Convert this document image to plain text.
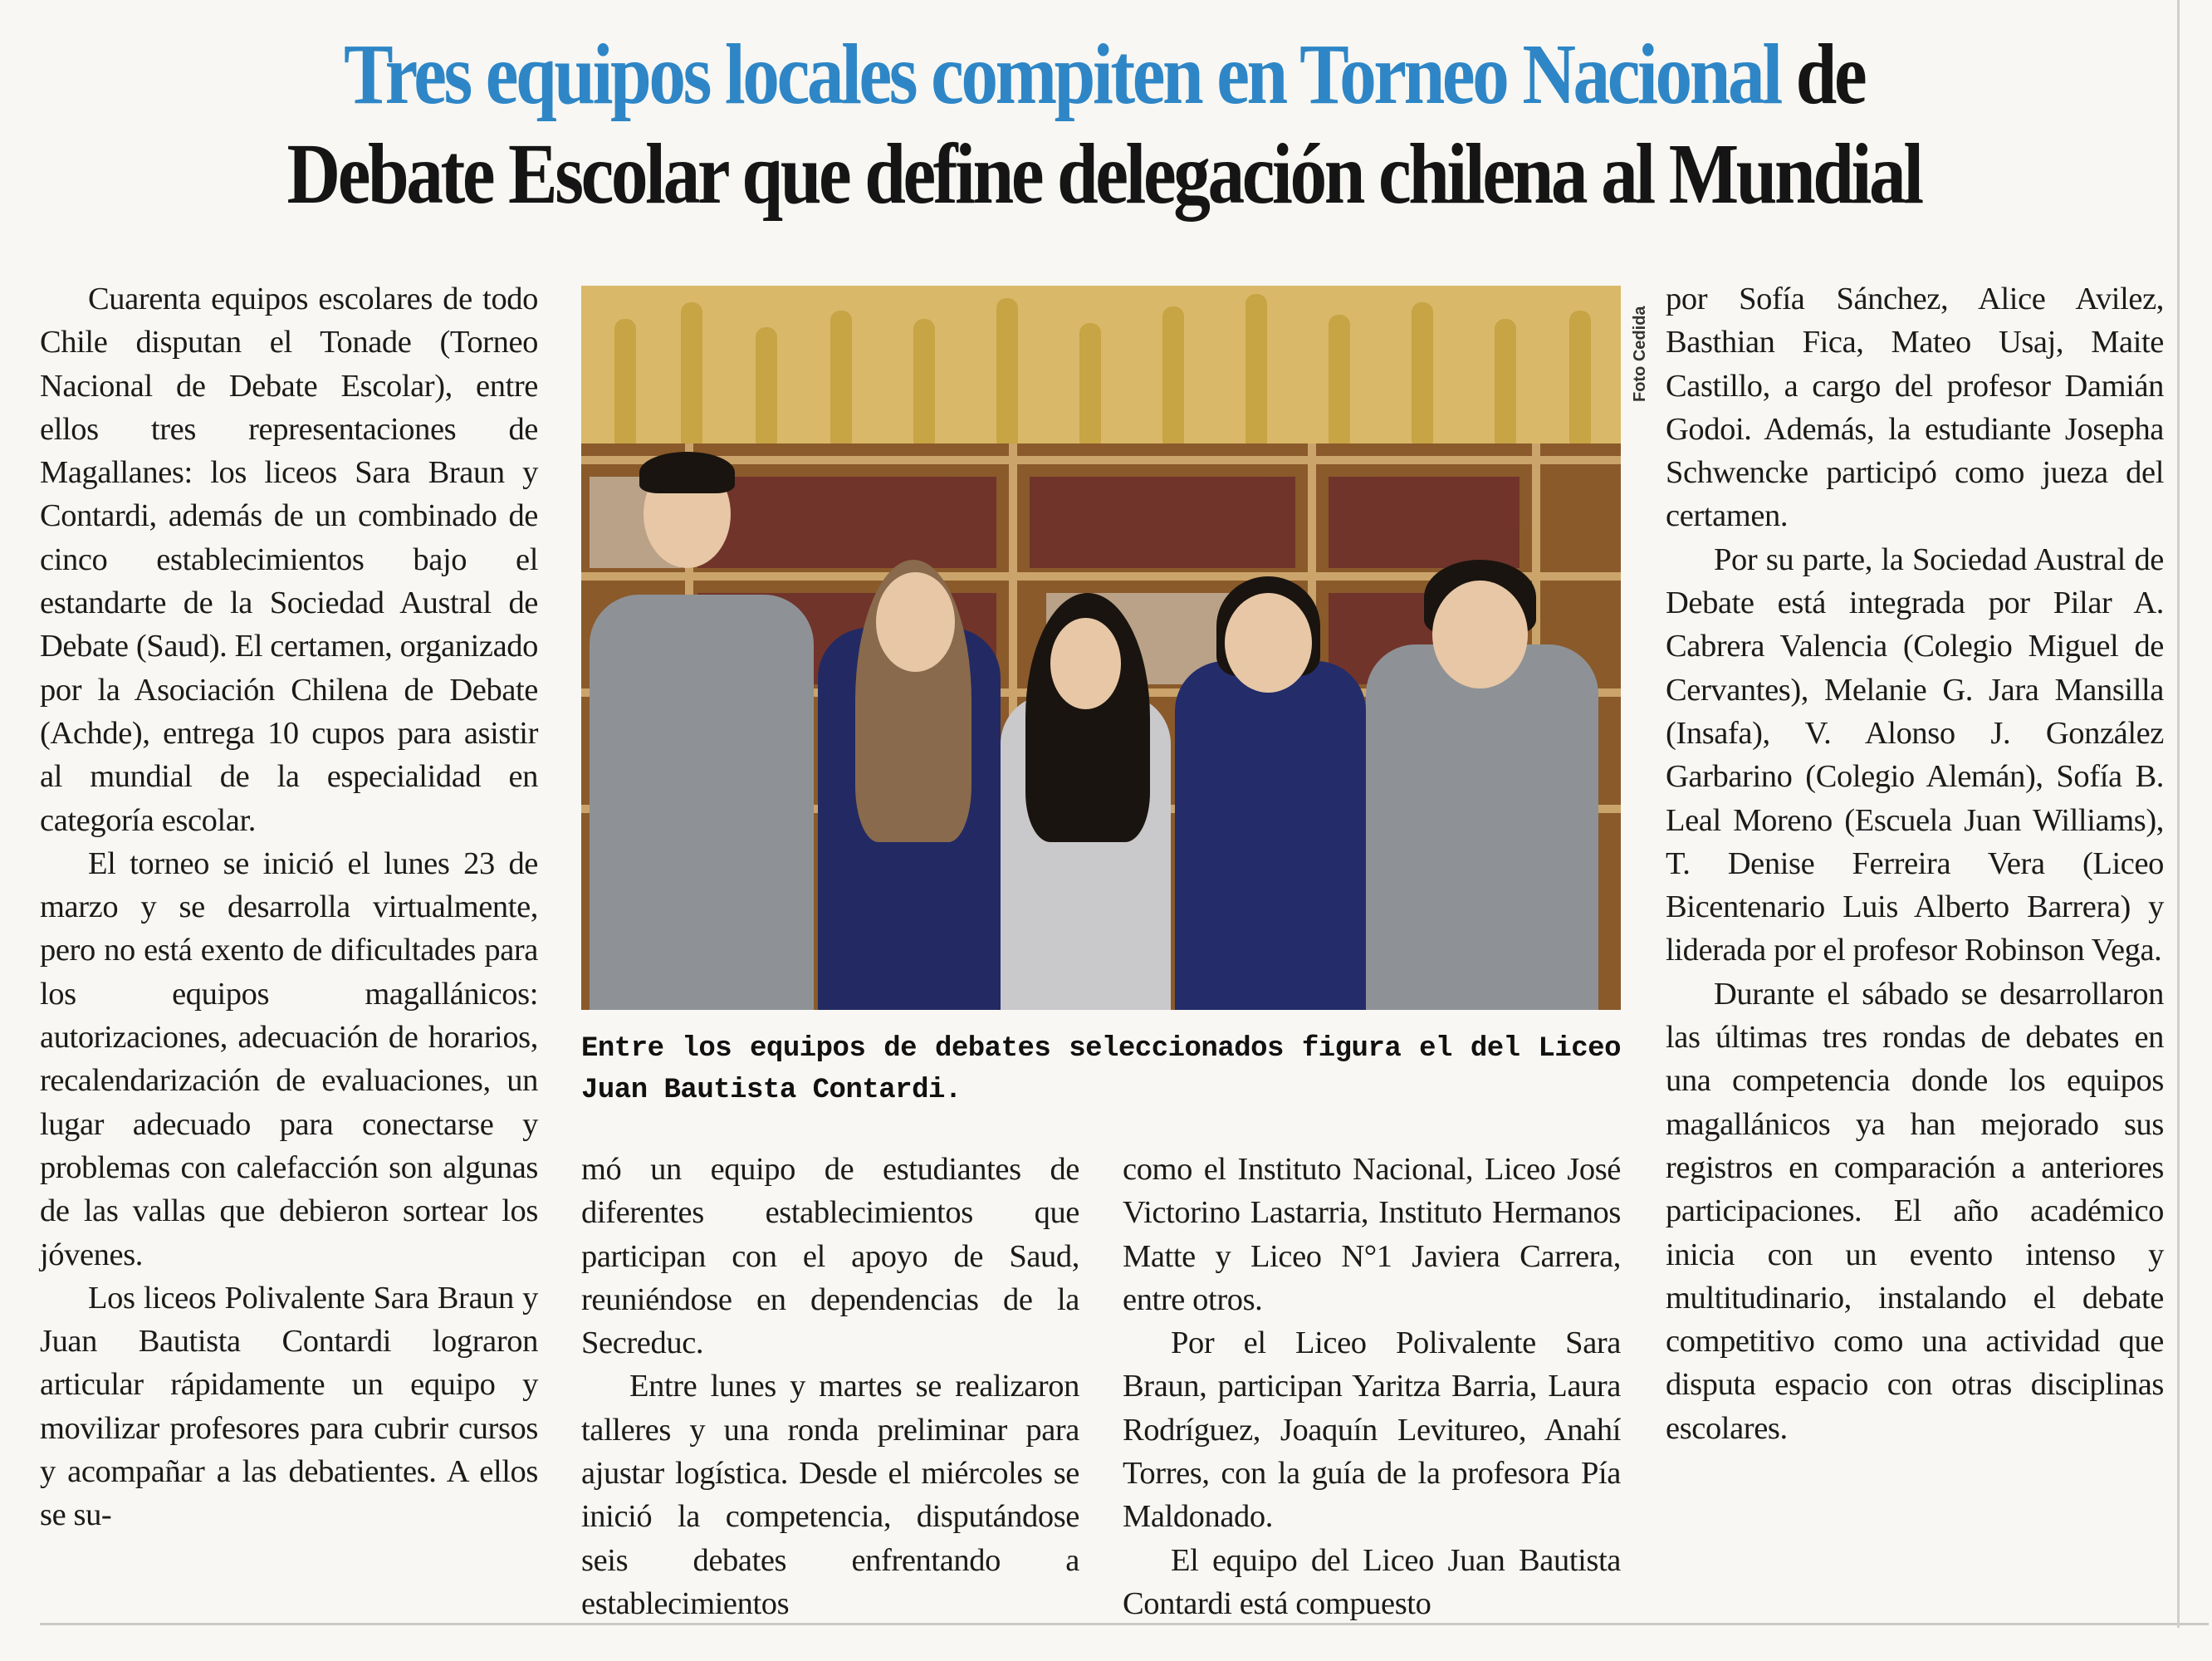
Tres equipos locales compiten en Torneo Nacional de
Debate Escolar que define delegación chilena al Mundial

Cuarenta equipos escolares de todo Chile disputan el Tonade (Torneo Nacional de Debate Escolar), entre ellos tres representaciones de Magallanes: los liceos Sara Braun y Contardi, además de un combinado de cinco establecimientos bajo el estandarte de la Sociedad Austral de Debate (Saud). El certamen, organizado por la Asociación Chilena de Debate (Achde), entrega 10 cupos para asistir al mundial de la especialidad en categoría escolar.

El torneo se inició el lunes 23 de marzo y se desarrolla virtualmente, pero no está exento de dificultades para los equipos magallánicos: autorizaciones, adecuación de horarios, recalendarización de evaluaciones, un lugar adecuado para conectarse y problemas con calefacción son algunas de las vallas que debieron sortear los jóvenes.

Los liceos Polivalente Sara Braun y Juan Bautista Contardi lograron articular rápidamente un equipo y movilizar profesores para cubrir cursos y acompañar a las debatientes. A ellos se su-

Foto Cedida
Entre los equipos de debates seleccionados figura el del Liceo Juan Bautista Contardi.

mó un equipo de estudiantes de diferentes establecimientos que participan con el apoyo de Saud, reuniéndose en dependencias de la Secreduc.

Entre lunes y martes se realizaron talleres y una ronda preliminar para ajustar logística. Desde el miércoles se inició la competencia, disputándose seis debates enfrentando a establecimientos

como el Instituto Nacional, Liceo José Victorino Lastarria, Instituto Hermanos Matte y Liceo N°1 Javiera Carrera, entre otros.

Por el Liceo Polivalente Sara Braun, participan Yaritza Barria, Laura Rodríguez, Joaquín Levitureo, Anahí Torres, con la guía de la profesora Pía Maldonado.

El equipo del Liceo Juan Bautista Contardi está compuesto

por Sofía Sánchez, Alice Avilez, Basthian Fica, Mateo Usaj, Maite Castillo, a cargo del profesor Damián Godoi. Además, la estudiante Josepha Schwencke participó como jueza del certamen.

Por su parte, la Sociedad Austral de Debate está integrada por Pilar A. Cabrera Valencia (Colegio Miguel de Cervantes), Melanie G. Jara Mansilla (Insafa), V. Alonso J. González Garbarino (Colegio Alemán), Sofía B. Leal Moreno (Escuela Juan Williams), T. Denise Ferreira Vera (Liceo Bicentenario Luis Alberto Barrera) y liderada por el profesor Robinson Vega.

Durante el sábado se desarrollaron las últimas tres rondas de debates en una competencia donde los equipos magallánicos ya han mejorado sus registros en comparación a anteriores participaciones. El año académico inicia con un evento intenso y multitudinario, instalando el debate competitivo como una actividad que disputa espacio con otras disciplinas escolares.
